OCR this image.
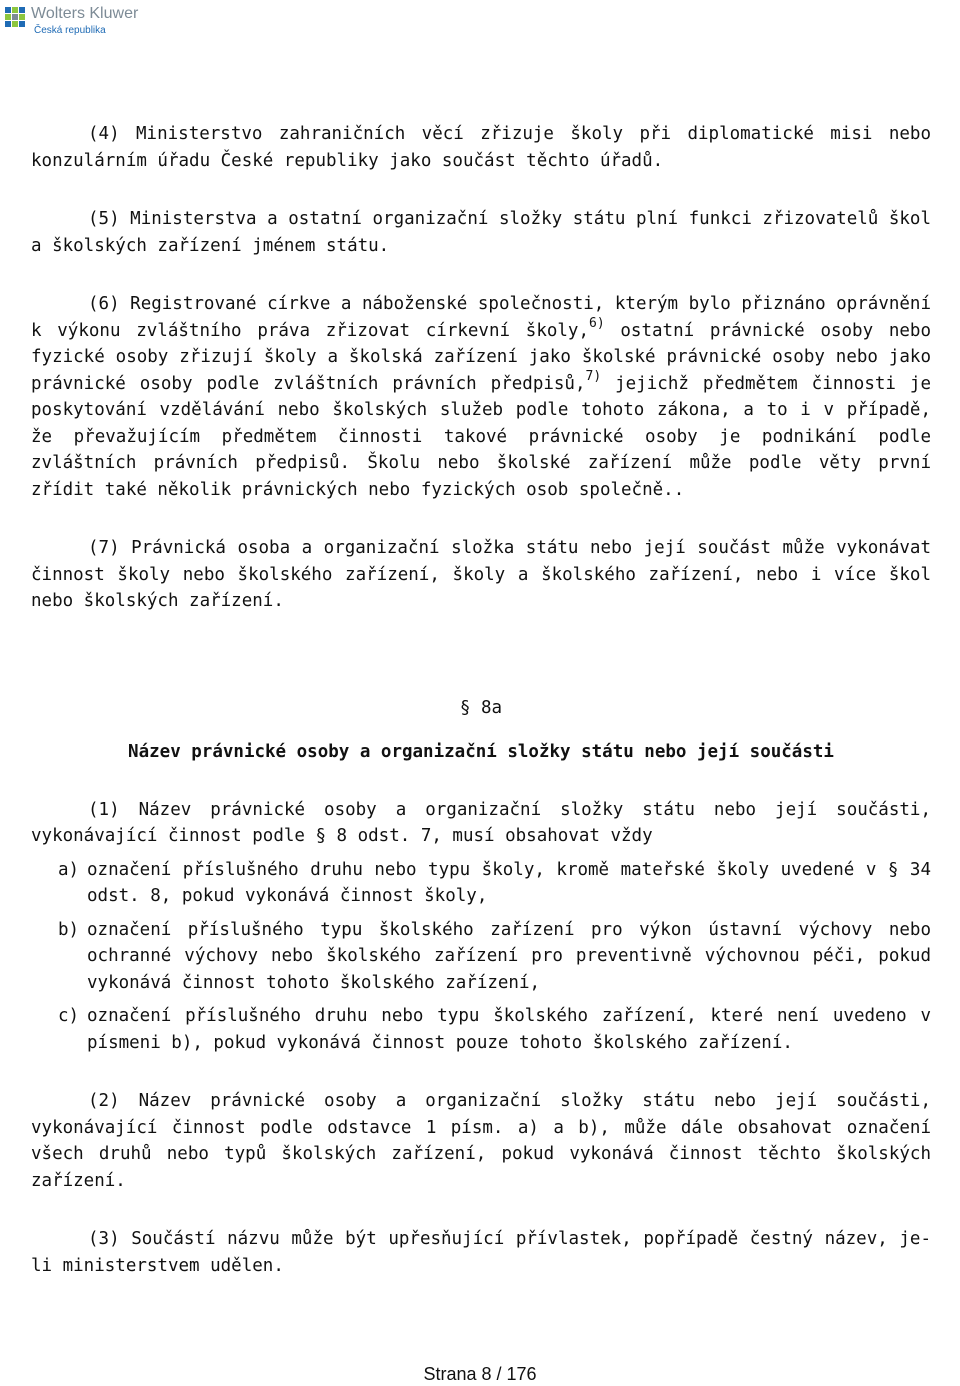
Wolters Kluwer
Česká republika

(4) Ministerstvo zahraničních věcí zřizuje školy při diplomatické misi nebo konzulárním úřadu České republiky jako součást těchto úřadů.

(5) Ministerstva a ostatní organizační složky státu plní funkci zřizovatelů škol a školských zařízení jménem státu.

(6) Registrované církve a náboženské společnosti, kterým bylo přiznáno oprávnění k výkonu zvláštního práva zřizovat církevní školy,$^{6)}$ ostatní právnické osoby nebo fyzické osoby zřizují školy a školská zařízení jako školské právnické osoby nebo jako právnické osoby podle zvláštních právních předpisů,$^{7)}$ jejichž předmětem činnosti je poskytování vzdělávání nebo školských služeb podle tohoto zákona, a to i v případě, že převažujícím předmětem činnosti takové právnické osoby je podnikání podle zvláštních právních předpisů. Školu nebo školské zařízení může podle věty první zřídit také několik právnických nebo fyzických osob společně..

(7) Právnická osoba a organizační složka státu nebo její součást může vykonávat činnost školy nebo školského zařízení, školy a školského zařízení, nebo i více škol nebo školských zařízení.

§ 8a
Název právnické osoby a organizační složky státu nebo její součásti

(1) Název právnické osoby a organizační složky státu nebo její součásti, vykonávající činnost podle § 8 odst. 7, musí obsahovat vždy

a) označení příslušného druhu nebo typu školy, kromě mateřské školy uvedené v § 34 odst. 8, pokud vykonává činnost školy,
b) označení příslušného typu školského zařízení pro výkon ústavní výchovy nebo ochranné výchovy nebo školského zařízení pro preventivně výchovnou péči, pokud vykonává činnost tohoto školského zařízení,
c) označení příslušného druhu nebo typu školského zařízení, které není uvedeno v písmeni b), pokud vykonává činnost pouze tohoto školského zařízení.

(2) Název právnické osoby a organizační složky státu nebo její součásti, vykonávající činnost podle odstavce 1 písm. a) a b), může dále obsahovat označení všech druhů nebo typů školských zařízení, pokud vykonává činnost těchto školských zařízení.

(3) Součástí názvu může být upřesňující přívlastek, popřípadě čestný název, je-li ministerstvem udělen.

Strana 8 / 176
